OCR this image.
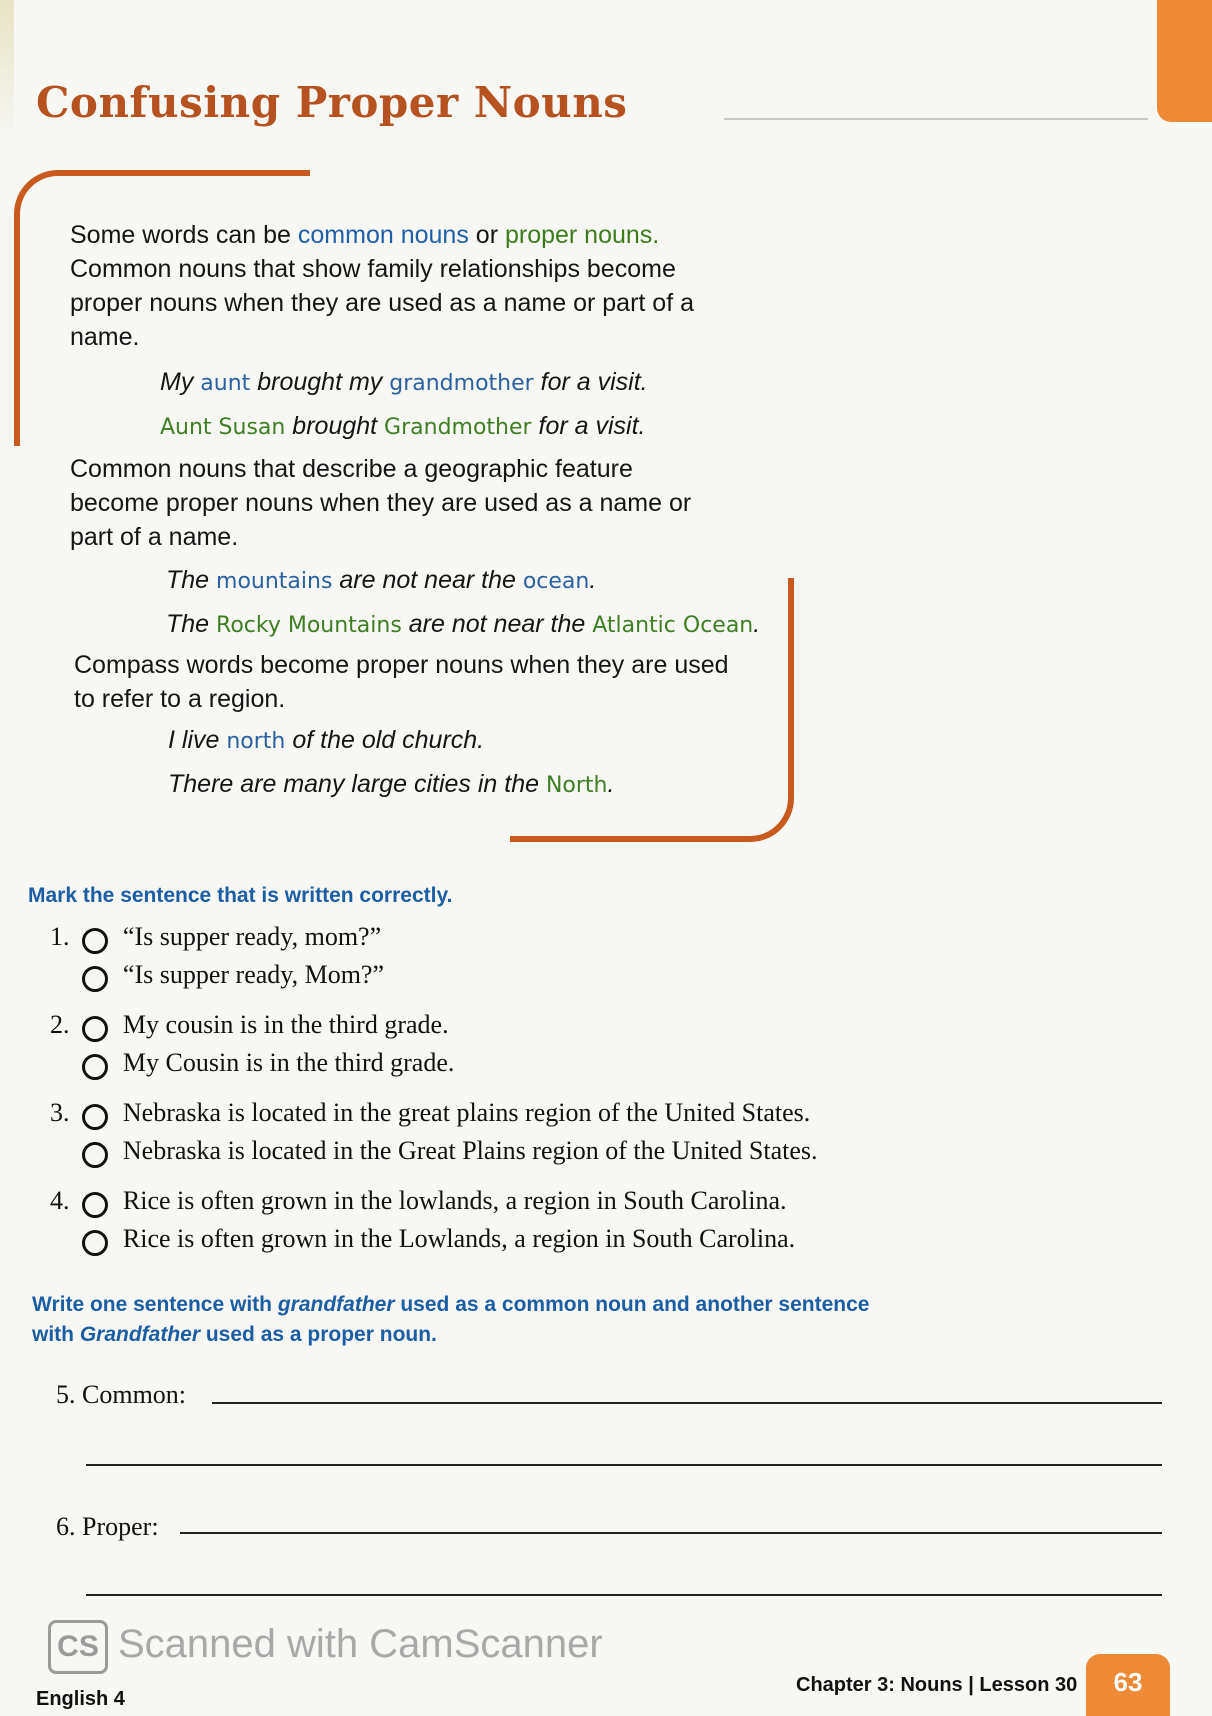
Confusing Proper Nouns
Some words can be common nouns or proper nouns.
Common nouns that show family relationships become
proper nouns when they are used as a name or part of a
name.
My aunt brought my grandmother for a visit.
Aunt Susan brought Grandmother for a visit.
Common nouns that describe a geographic feature
become proper nouns when they are used as a name or
part of a name.
The mountains are not near the ocean.
The Rocky Mountains are not near the Atlantic Ocean.
Compass words become proper nouns when they are used
to refer to a region.
I live north of the old church.
There are many large cities in the North.
Mark the sentence that is written correctly.
1. “Is supper ready, mom?”
“Is supper ready, Mom?”
2. My cousin is in the third grade.
My Cousin is in the third grade.
3. Nebraska is located in the great plains region of the United States.
Nebraska is located in the Great Plains region of the United States.
4. Rice is often grown in the lowlands, a region in South Carolina.
Rice is often grown in the Lowlands, a region in South Carolina.
Write one sentence with grandfather used as a common noun and another sentence
with Grandfather used as a proper noun.
5. Common:
6. Proper:
CS Scanned with CamScanner
English 4
Chapter 3: Nouns | Lesson 30	63
